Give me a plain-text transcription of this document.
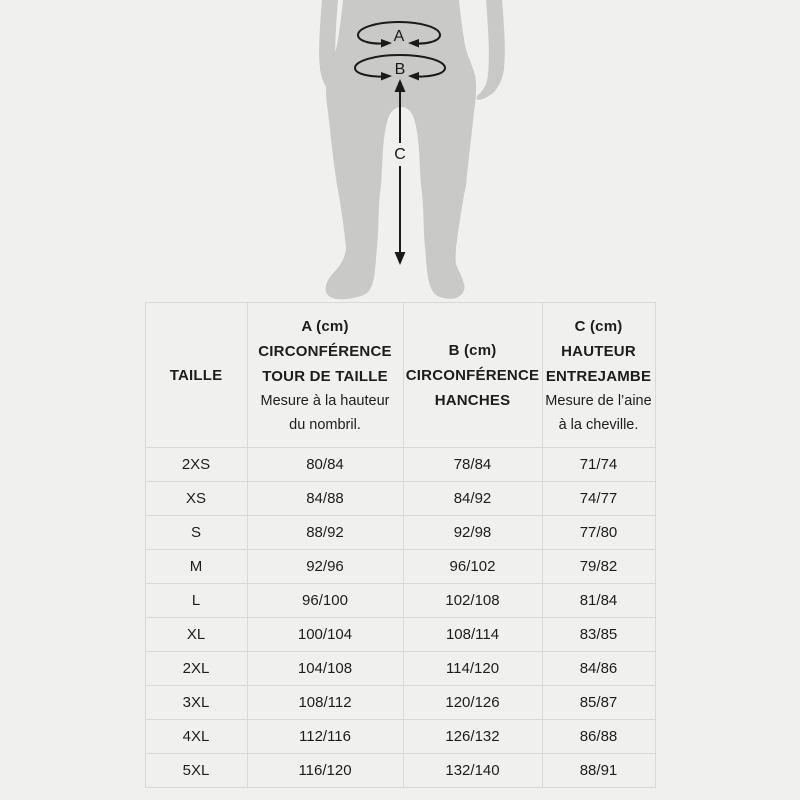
A
B
C
TAILLE

A (cm)
CIRCONFÉRENCE
TOUR DE TAILLE
Mesure à la hauteur
du nombril.

B (cm)
CIRCONFÉRENCE
HANCHES

C (cm)
HAUTEUR
ENTREJAMBE
Mesure de l’aine
à la cheville.

2XS	80/84	78/84	71/74
XS	84/88	84/92	74/77
S	88/92	92/98	77/80
M	92/96	96/102	79/82
L	96/100	102/108	81/84
XL	100/104	108/114	83/85
2XL	104/108	114/120	84/86
3XL	108/112	120/126	85/87
4XL	112/116	126/132	86/88
5XL	116/120	132/140	88/91
